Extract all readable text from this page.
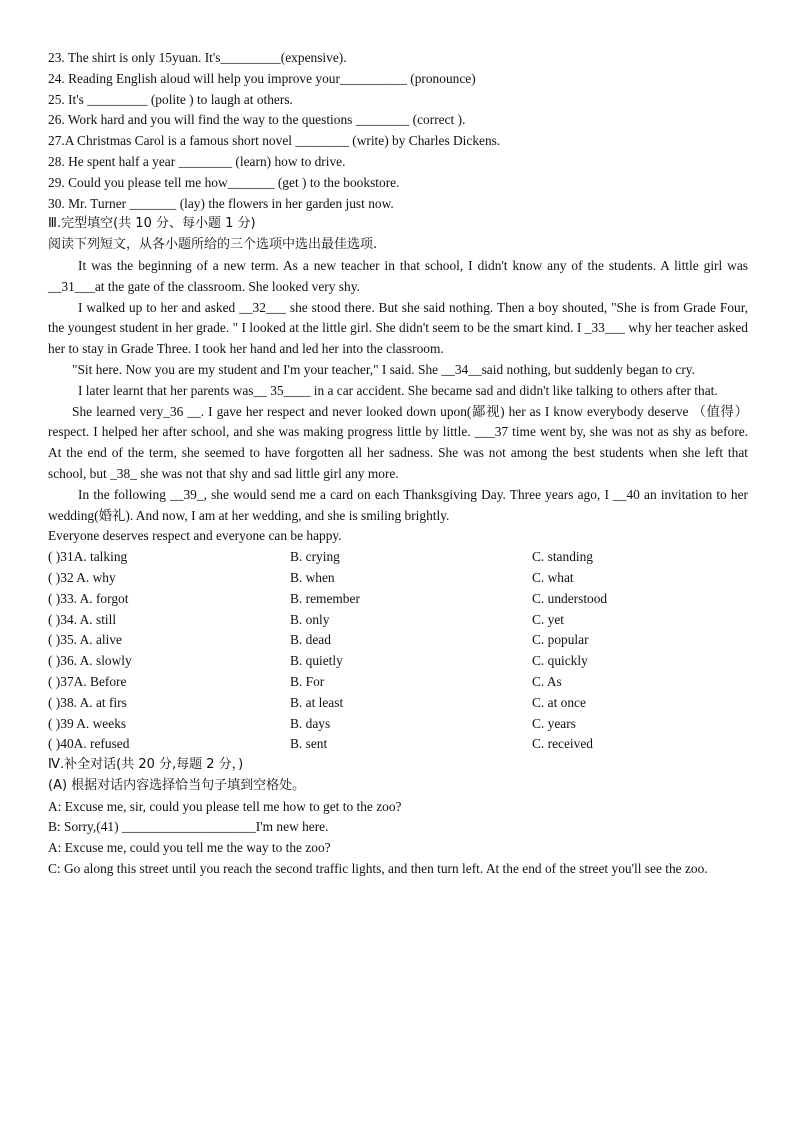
23. The shirt is only 15yuan. It's_________(expensive).
24. Reading English aloud will help you improve your__________ (pronounce)
25. It's _________ (polite ) to laugh at others.
26. Work hard and you will find the way to the questions ________ (correct ).
27.A Christmas Carol is a famous short novel ________ (write) by Charles Dickens.
28. He spent half a year ________ (learn) how to drive.
29. Could you please tell me how_______ (get ) to the bookstore.
30. Mr. Turner _______ (lay) the flowers in her garden just now.
Ⅲ.完型填空(共 10 分、每小题 1 分)
阅读下列短文，从各小题所给的三个选项中选出最佳选项.
It was the beginning of a new term. As a new teacher in that school, I didn't know any of the students. A little girl was __31___at the gate of the classroom. She looked very shy.
I walked up to her and asked __32___ she stood there. But she said nothing. Then a boy shouted, "She is from Grade Four, the youngest student in her grade. " I looked at the little girl. She didn't seem to be the smart kind. I _33___ why her teacher asked her to stay in Grade Three. I took her hand and led her into the classroom.
"Sit here. Now you are my student and I'm your teacher," I said. She __34__said nothing, but suddenly began to cry.
I later learnt that her parents was__ 35____ in a car accident. She became sad and didn't like talking to others after that.
She learned very_36 __. I gave her respect and never looked down upon(鄙视) her as I know everybody deserve （值得） respect. I helped her after school, and she was making progress little by little. ___37 time went by, she was not as shy as before. At the end of the term, she seemed to have forgotten all her sadness. She was not among the best students when she left that school, but _38_ she was not that shy and sad little girl any more.
In the following __39_, she would send me a card on each Thanksgiving Day. Three years ago, I __40 an invitation to her wedding(婚礼). And now, I am at her wedding, and she is smiling brightly.
Everyone deserves respect and everyone can be happy.
( )31A. talking	B. crying	C. standing
( )32 A. why	B. when	C. what
( )33. A. forgot	B. remember	C. understood
( )34. A. still	B. only	C. yet
( )35. A. alive	B. dead	C. popular
( )36. A. slowly	B. quietly	C. quickly
( )37A. Before	B. For	C. As
( )38. A. at firs	B. at least	C. at once
( )39 A. weeks	B. days	C. years
( )40A. refused	B. sent	C. received
Ⅳ.补全对话(共 20 分,每题 2 分，)
(A) 根据对话内容选择恰当句子填到空格处。
A: Excuse me, sir, could you please tell me how to get to the zoo?
B: Sorry,(41) ____________________I'm new here.
A: Excuse me, could you tell me the way to the zoo?
C: Go along this street until you reach the second traffic lights, and then turn left. At the end of the street you'll see the zoo.
